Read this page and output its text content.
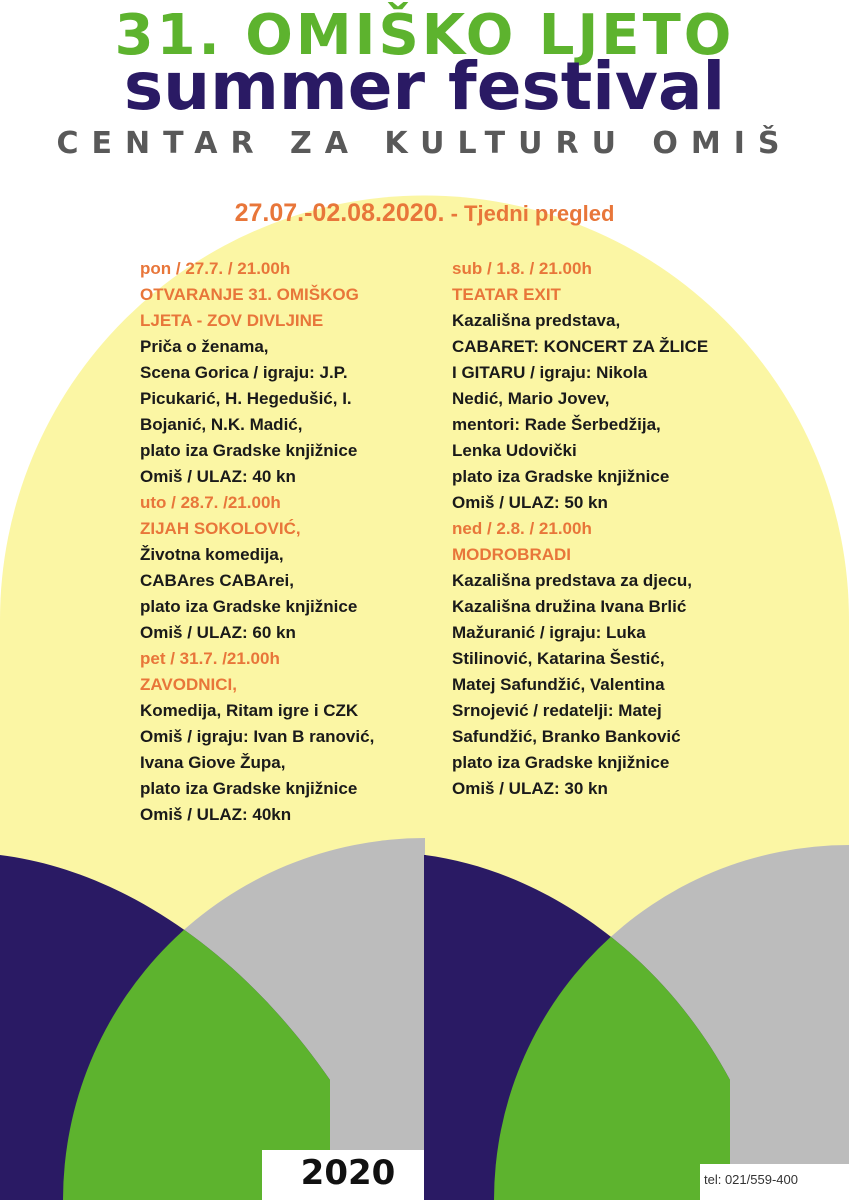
31. OMIŠKO LJETO
summer festival
CENTAR ZA KULTURU OMIŠ
27.07.-02.08.2020. - Tjedni pregled
pon / 27.7. / 21.00h
OTVARANJE 31. OMIŠKOG
LJETA - ZOV DIVLJINE
Priča o ženama,
Scena Gorica / igraju: J.P.
Picukarić, H. Hegedušić, I.
Bojanić, N.K. Madić,
plato iza Gradske knjižnice
Omiš / ULAZ: 40 kn
uto / 28.7. /21.00h
ZIJAH SOKOLOVIĆ,
Životna komedija,
CABAres CABArei,
plato iza Gradske knjižnice
Omiš / ULAZ: 60 kn
pet / 31.7. /21.00h
ZAVODNICI,
Komedija, Ritam igre i CZK
Omiš / igraju: Ivan B ranović,
Ivana Giove Župa,
plato iza Gradske knjižnice
Omiš / ULAZ: 40kn
sub / 1.8. / 21.00h
TEATAR EXIT
Kazališna predstava,
CABARET: KONCERT ZA ŽLICE
I GITARU / igraju: Nikola
Nedić, Mario Jovev,
mentori: Rade Šerbedžija,
Lenka Udovički
plato iza Gradske knjižnice
Omiš / ULAZ: 50 kn
ned / 2.8. / 21.00h
MODROBRADI
Kazališna predstava za djecu,
Kazališna družina Ivana Brlić
Mažuranić / igraju: Luka
Stilinović, Katarina Šestić,
Matej Safundžić, Valentina
Srnojević / redatelji: Matej
Safundžić, Branko Banković
plato iza Gradske knjižnice
Omiš / ULAZ: 30 kn
2020	tel: 021/559-400
